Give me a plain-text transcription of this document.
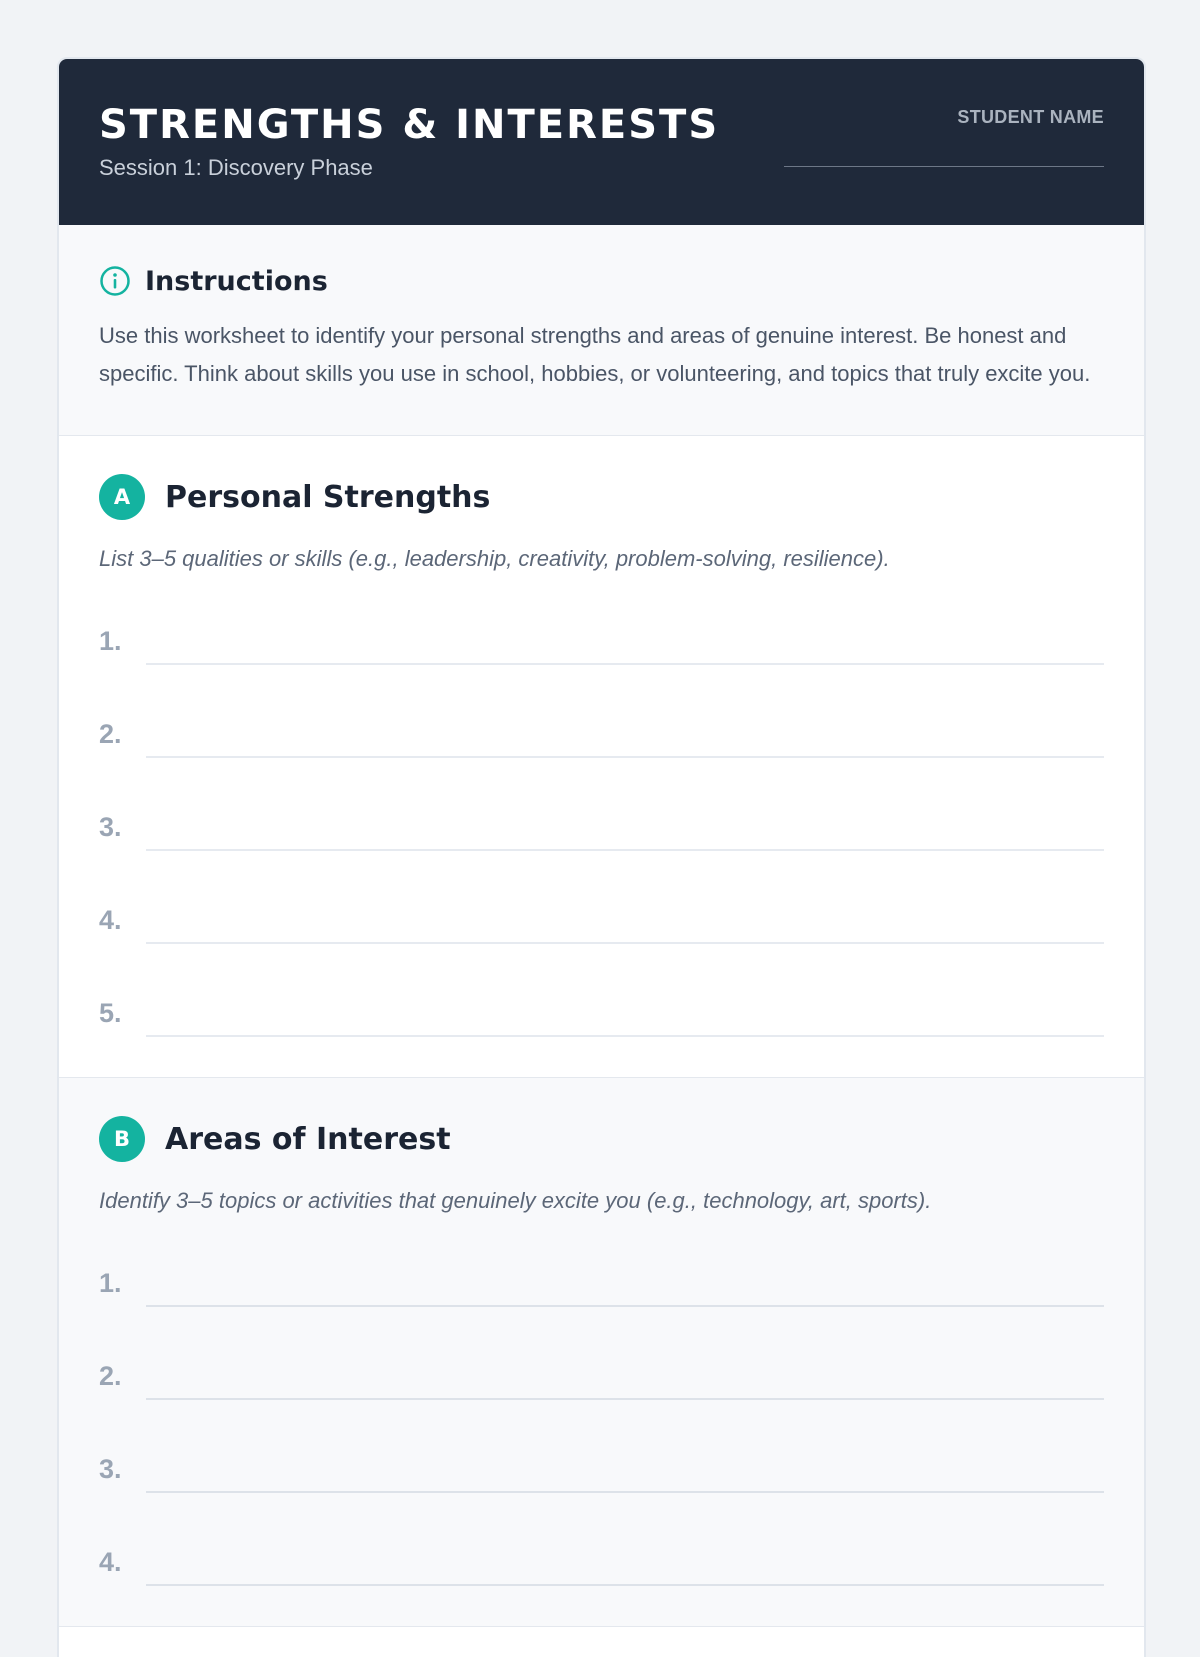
STRENGTHS & INTERESTS
Session 1: Discovery Phase
STUDENT NAME
Instructions
Use this worksheet to identify your personal strengths and areas of genuine interest. Be honest and specific. Think about skills you use in school, hobbies, or volunteering, and topics that truly excite you.
A	Personal Strengths
List 3–5 qualities or skills (e.g., leadership, creativity, problem-solving, resilience).
1.
2.
3.
4.
5.
B	Areas of Interest
Identify 3–5 topics or activities that genuinely excite you (e.g., technology, art, sports).
1.
2.
3.
4.
